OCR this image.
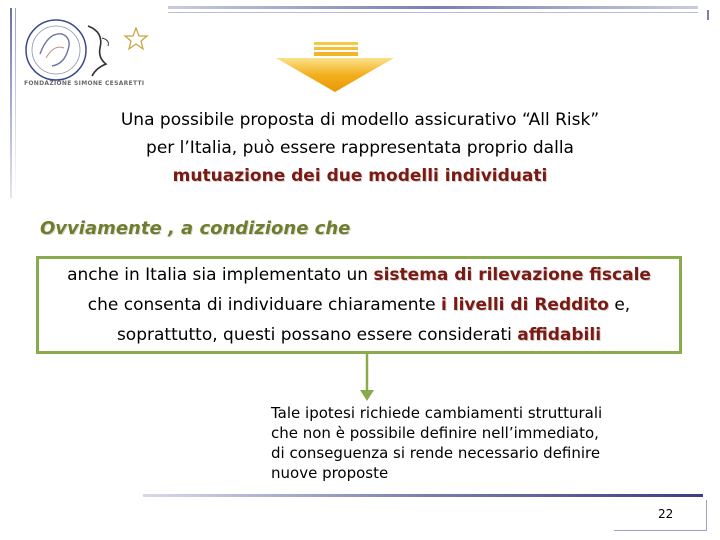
FONDAZIONE SIMONE CESARETTI
Una possibile proposta di modello assicurativo “All Risk”
per l’Italia, può essere rappresentata proprio dalla
mutuazione dei due modelli individuati
Ovviamente , a condizione che
anche in Italia sia implementato un sistema di rilevazione fiscale
che consenta di individuare chiaramente i livelli di Reddito e,
soprattutto, questi possano essere considerati affidabili
Tale ipotesi richiede cambiamenti strutturali
che non è possibile definire nell’immediato,
di conseguenza si rende necessario definire
nuove proposte
22
